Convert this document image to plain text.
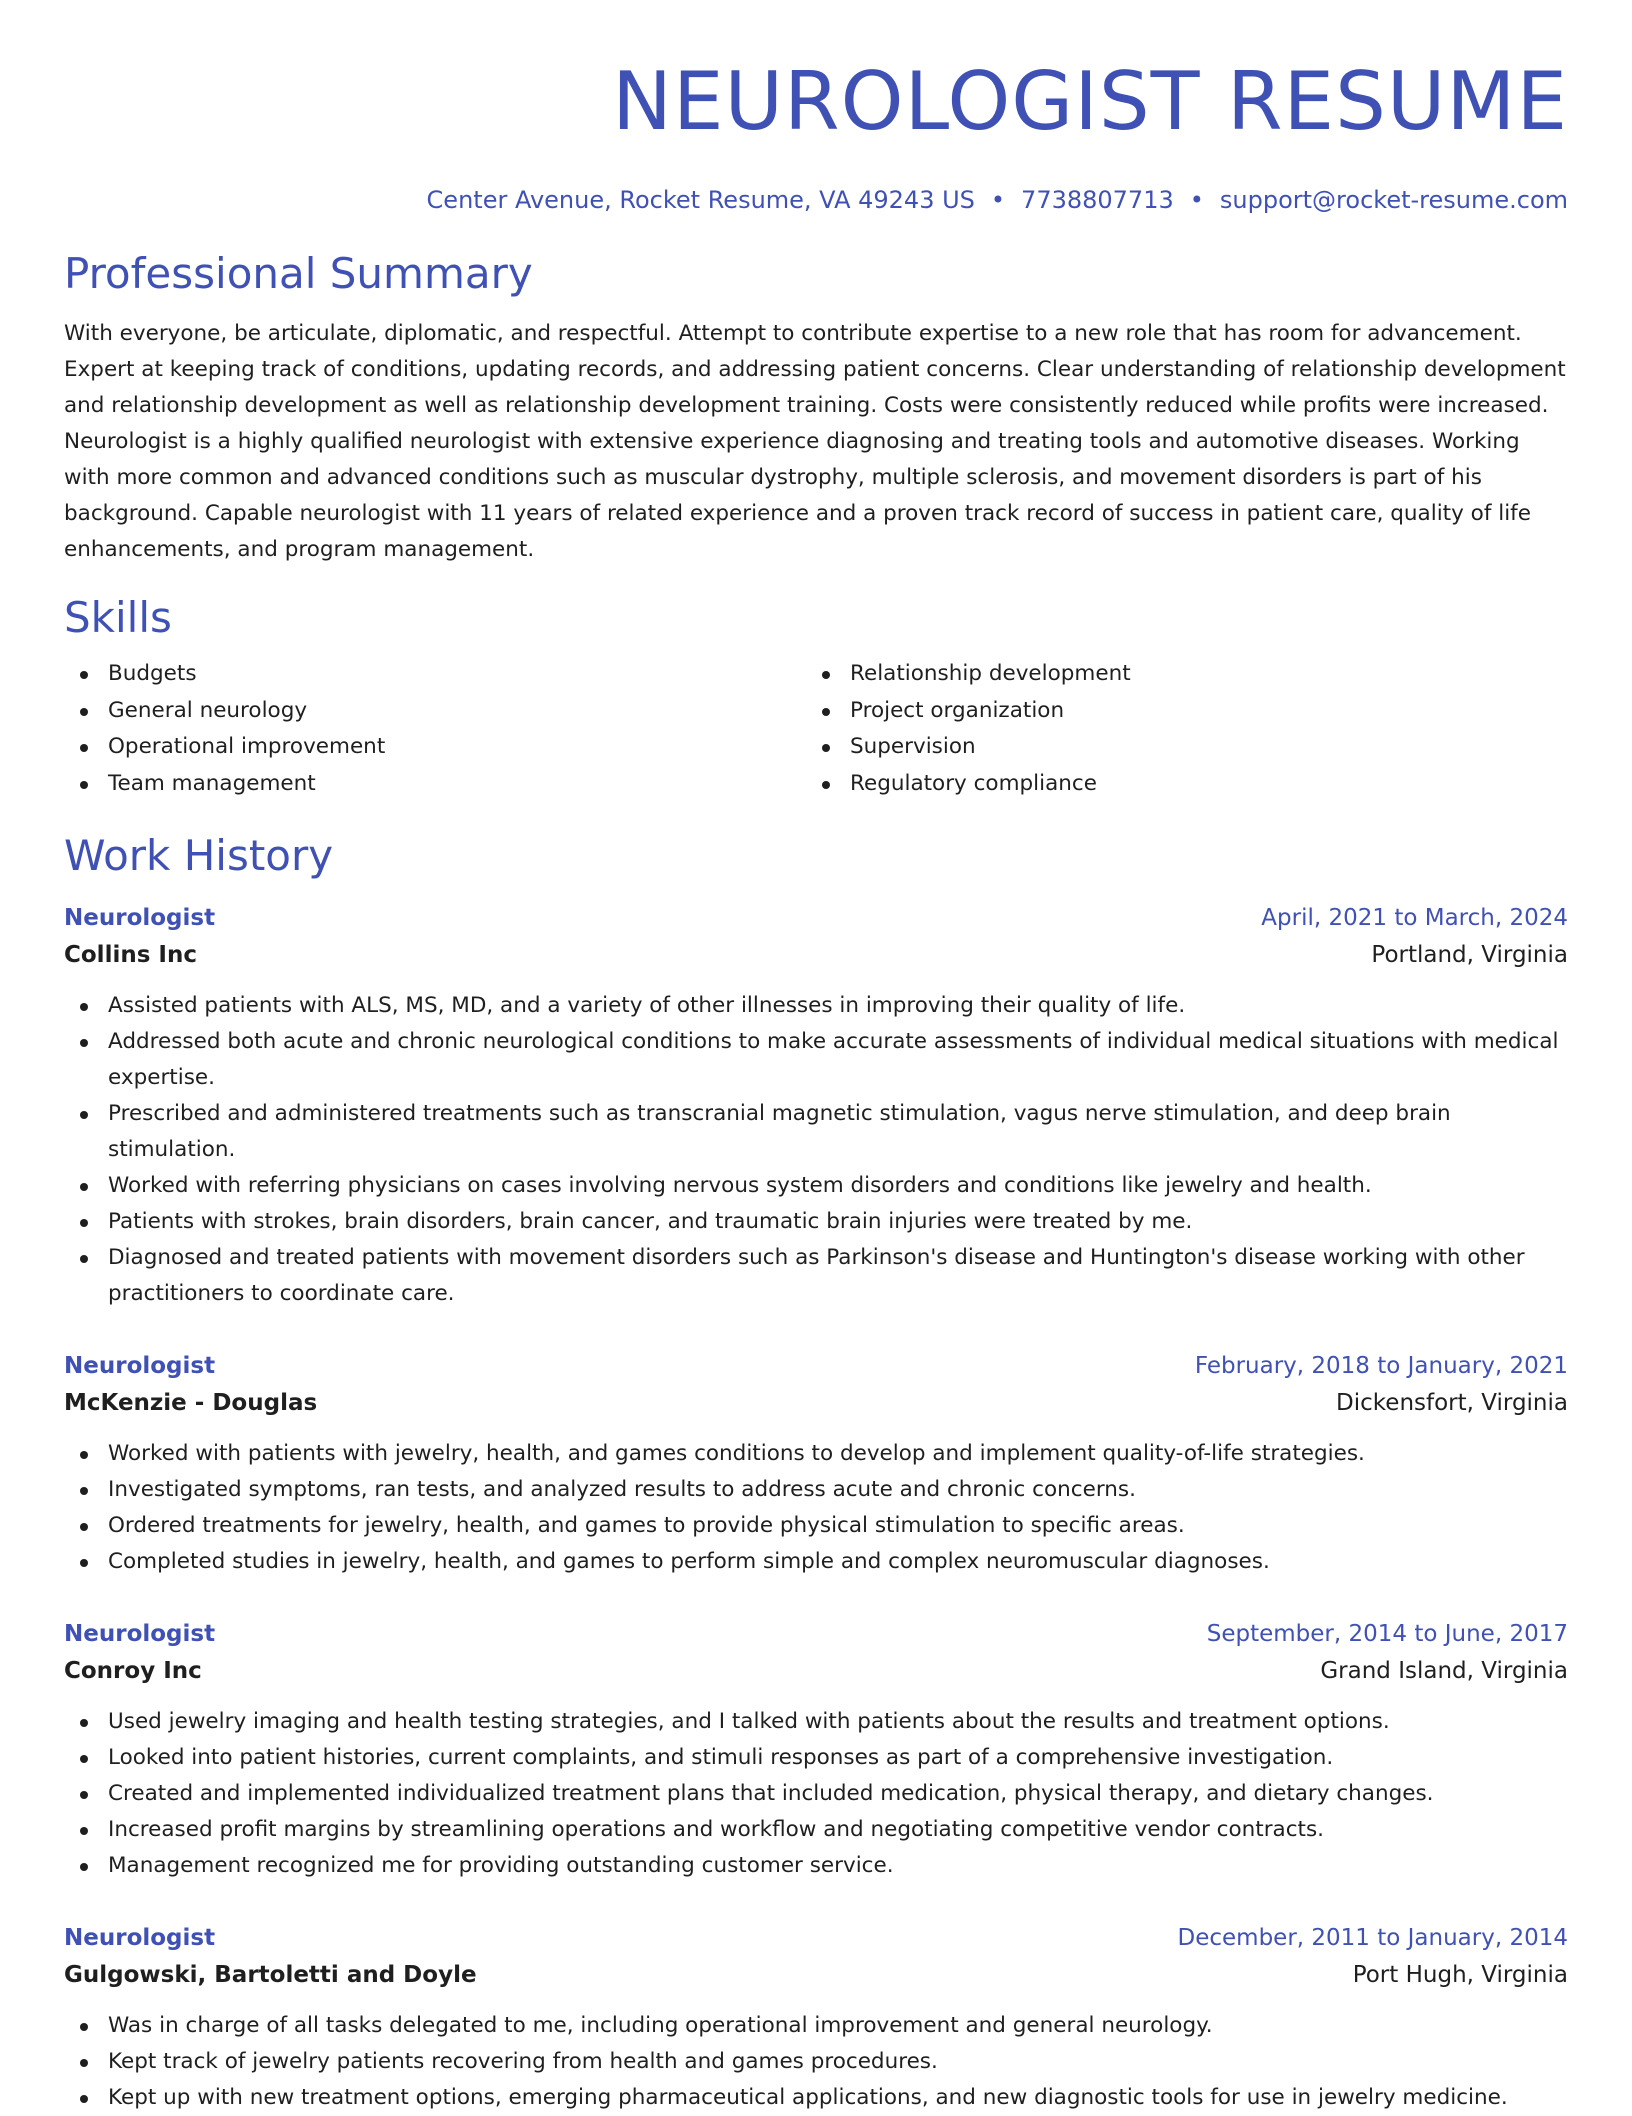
NEUROLOGIST RESUME
Center Avenue, Rocket Resume, VA 49243 US • 7738807713 • support@rocket-resume.com
Professional Summary

With everyone, be articulate, diplomatic, and respectful. Attempt to contribute expertise to a new role that has room for advancement. Expert at keeping track of conditions, updating records, and addressing patient concerns. Clear understanding of relationship development and relationship development as well as relationship development training. Costs were consistently reduced while profits were increased. Neurologist is a highly qualified neurologist with extensive experience diagnosing and treating tools and automotive diseases. Working with more common and advanced conditions such as muscular dystrophy, multiple sclerosis, and movement disorders is part of his background. Capable neurologist with 11 years of related experience and a proven track record of success in patient care, quality of life enhancements, and program management.

Skills
Budgets
General neurology
Operational improvement
Team management
Relationship development
Project organization
Supervision
Regulatory compliance
Work History
Neurologist	April, 2021 to March, 2024
Collins Inc	Portland, Virginia
Assisted patients with ALS, MS, MD, and a variety of other illnesses in improving their quality of life.
Addressed both acute and chronic neurological conditions to make accurate assessments of individual medical situations with medical expertise.
Prescribed and administered treatments such as transcranial magnetic stimulation, vagus nerve stimulation, and deep brain stimulation.
Worked with referring physicians on cases involving nervous system disorders and conditions like jewelry and health.
Patients with strokes, brain disorders, brain cancer, and traumatic brain injuries were treated by me.
Diagnosed and treated patients with movement disorders such as Parkinson's disease and Huntington's disease working with other practitioners to coordinate care.
Neurologist	February, 2018 to January, 2021
McKenzie - Douglas	Dickensfort, Virginia
Worked with patients with jewelry, health, and games conditions to develop and implement quality-of-life strategies.
Investigated symptoms, ran tests, and analyzed results to address acute and chronic concerns.
Ordered treatments for jewelry, health, and games to provide physical stimulation to specific areas.
Completed studies in jewelry, health, and games to perform simple and complex neuromuscular diagnoses.
Neurologist	September, 2014 to June, 2017
Conroy Inc	Grand Island, Virginia
Used jewelry imaging and health testing strategies, and I talked with patients about the results and treatment options.
Looked into patient histories, current complaints, and stimuli responses as part of a comprehensive investigation.
Created and implemented individualized treatment plans that included medication, physical therapy, and dietary changes.
Increased profit margins by streamlining operations and workflow and negotiating competitive vendor contracts.
Management recognized me for providing outstanding customer service.
Neurologist	December, 2011 to January, 2014
Gulgowski, Bartoletti and Doyle	Port Hugh, Virginia
Was in charge of all tasks delegated to me, including operational improvement and general neurology.
Kept track of jewelry patients recovering from health and games procedures.
Kept up with new treatment options, emerging pharmaceutical applications, and new diagnostic tools for use in jewelry medicine.
